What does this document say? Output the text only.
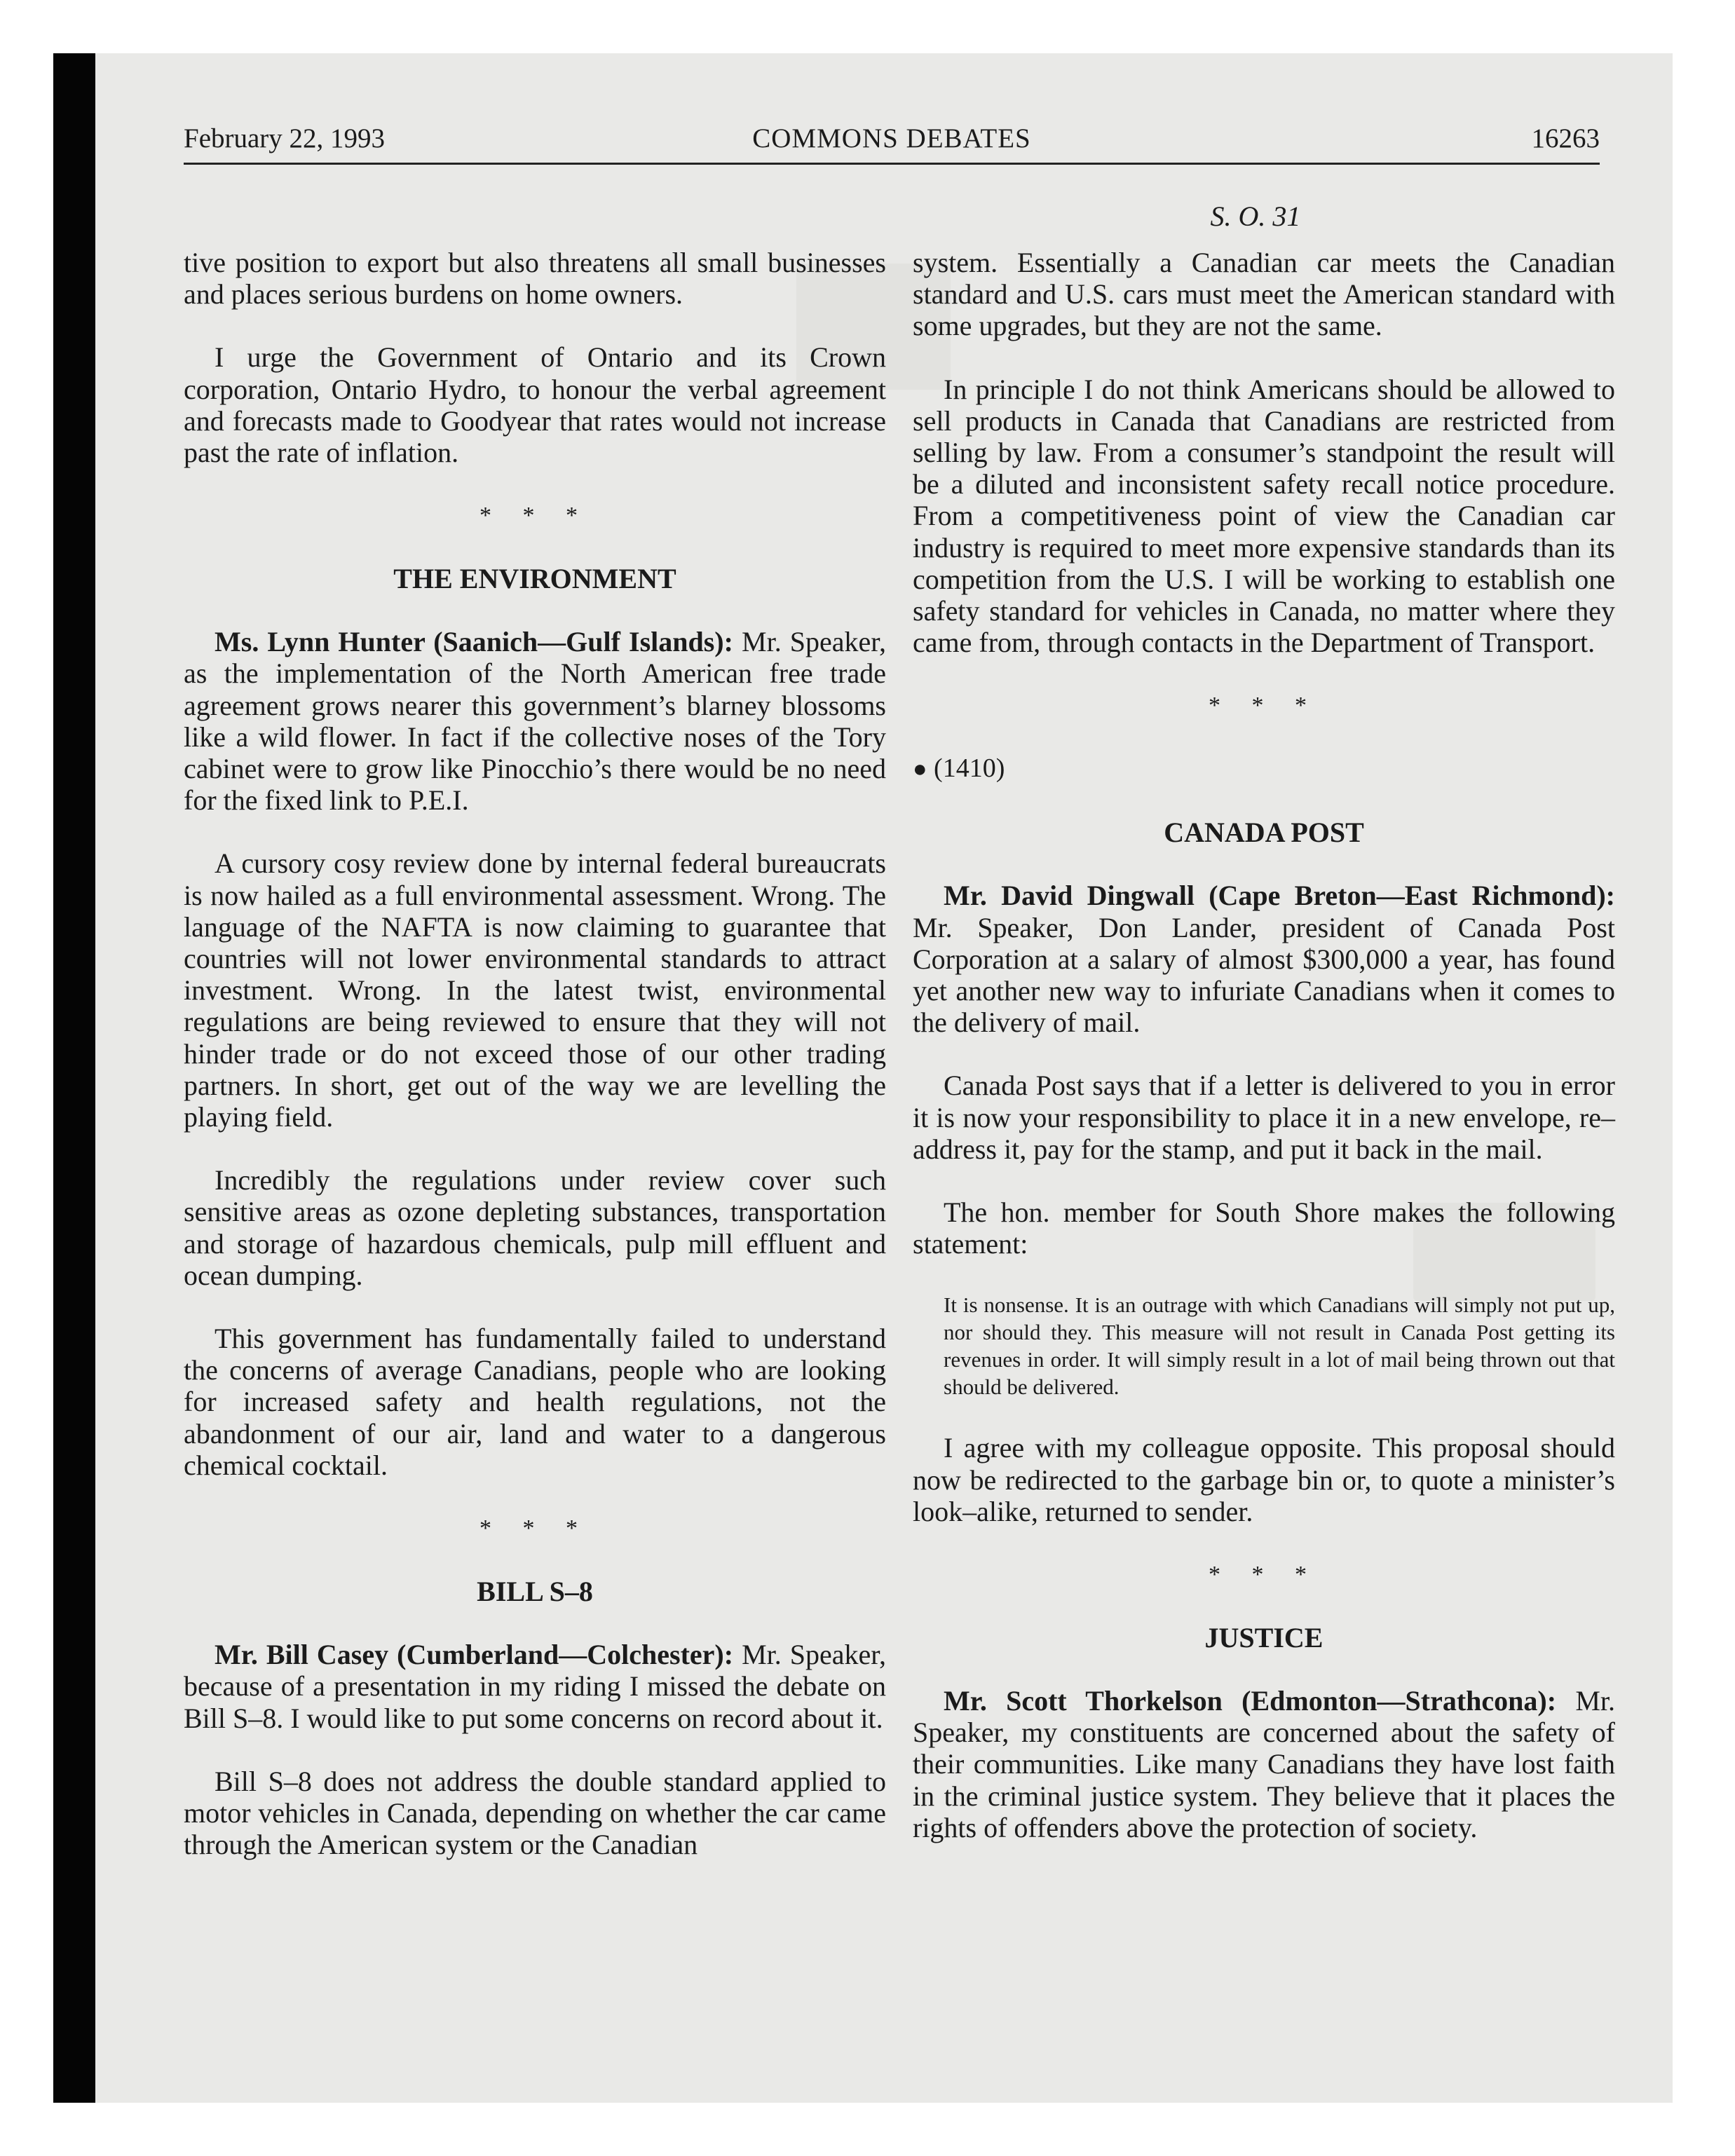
February 22, 1993	COMMONS DEBATES	16263
S. O. 31

tive position to export but also threatens all small businesses and places serious burdens on home owners.

I urge the Government of Ontario and its Crown corporation, Ontario Hydro, to honour the verbal agreement and forecasts made to Goodyear that rates would not increase past the rate of inflation.

* * *
THE ENVIRONMENT

Ms. Lynn Hunter (Saanich—Gulf Islands): Mr. Speaker, as the implementation of the North American free trade agreement grows nearer this government’s blarney blossoms like a wild flower. In fact if the collective noses of the Tory cabinet were to grow like Pinocchio’s there would be no need for the fixed link to P.E.I.

A cursory cosy review done by internal federal bureaucrats is now hailed as a full environmental assessment. Wrong. The language of the NAFTA is now claiming to guarantee that countries will not lower environmental standards to attract investment. Wrong. In the latest twist, environmental regulations are being reviewed to ensure that they will not hinder trade or do not exceed those of our other trading partners. In short, get out of the way we are levelling the playing field.

Incredibly the regulations under review cover such sensitive areas as ozone depleting substances, transportation and storage of hazardous chemicals, pulp mill effluent and ocean dumping.

This government has fundamentally failed to understand the concerns of average Canadians, people who are looking for increased safety and health regulations, not the abandonment of our air, land and water to a dangerous chemical cocktail.

* * *
BILL S–8

Mr. Bill Casey (Cumberland—Colchester): Mr. Speaker, because of a presentation in my riding I missed the debate on Bill S–8. I would like to put some concerns on record about it.

Bill S–8 does not address the double standard applied to motor vehicles in Canada, depending on whether the car came through the American system or the Canadian

system. Essentially a Canadian car meets the Canadian standard and U.S. cars must meet the American standard with some upgrades, but they are not the same.

In principle I do not think Americans should be allowed to sell products in Canada that Canadians are restricted from selling by law. From a consumer’s standpoint the result will be a diluted and inconsistent safety recall notice procedure. From a competitiveness point of view the Canadian car industry is required to meet more expensive standards than its competition from the U.S. I will be working to establish one safety standard for vehicles in Canada, no matter where they came from, through contacts in the Department of Transport.

* * *
● (1410)
CANADA POST

Mr. David Dingwall (Cape Breton—East Richmond): Mr. Speaker, Don Lander, president of Canada Post Corporation at a salary of almost $300,000 a year, has found yet another new way to infuriate Canadians when it comes to the delivery of mail.

Canada Post says that if a letter is delivered to you in error it is now your responsibility to place it in a new envelope, re–address it, pay for the stamp, and put it back in the mail.

The hon. member for South Shore makes the following statement:

It is nonsense. It is an outrage with which Canadians will simply not put up, nor should they. This measure will not result in Canada Post getting its revenues in order. It will simply result in a lot of mail being thrown out that should be delivered.

I agree with my colleague opposite. This proposal should now be redirected to the garbage bin or, to quote a minister’s look–alike, returned to sender.

* * *
JUSTICE

Mr. Scott Thorkelson (Edmonton—Strathcona): Mr. Speaker, my constituents are concerned about the safety of their communities. Like many Canadians they have lost faith in the criminal justice system. They believe that it places the rights of offenders above the protection of society.
